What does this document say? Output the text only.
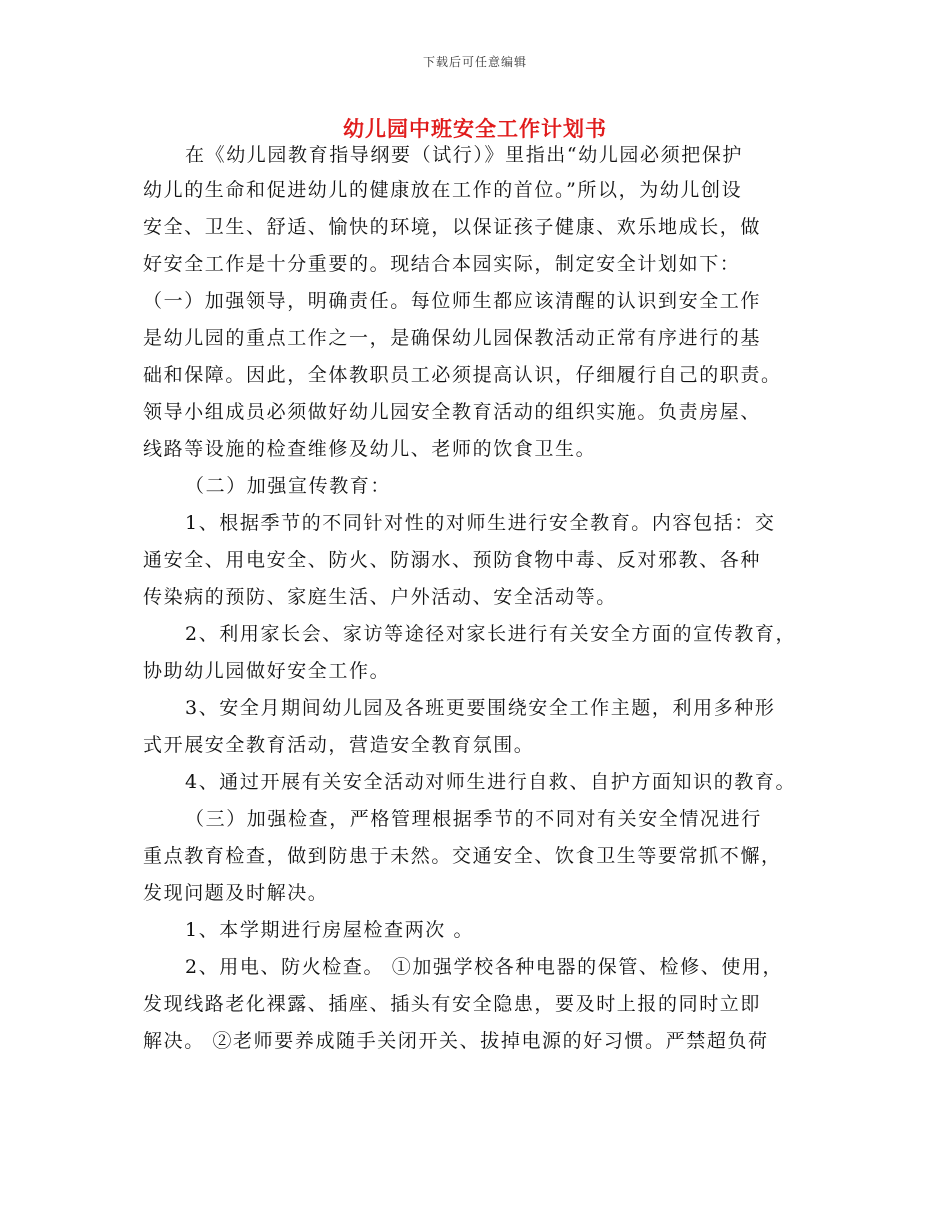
下载后可任意编辑
幼儿园中班安全工作计划书

在《幼儿园教育指导纲要（试行）》里指出“幼儿园必须把保护

幼儿的生命和促进幼儿的健康放在工作的首位。”所以，为幼儿创设

安全、卫生、舒适、愉快的环境，以保证孩子健康、欢乐地成长，做

好安全工作是十分重要的。现结合本园实际，制定安全计划如下：

（一）加强领导，明确责任。每位师生都应该清醒的认识到安全工作

是幼儿园的重点工作之一，是确保幼儿园保教活动正常有序进行的基

础和保障。因此，全体教职员工必须提高认识，仔细履行自己的职责。

领导小组成员必须做好幼儿园安全教育活动的组织实施。负责房屋、

线路等设施的检查维修及幼儿、老师的饮食卫生。

（二）加强宣传教育：

1、根据季节的不同针对性的对师生进行安全教育。内容包括：交

通安全、用电安全、防火、防溺水、预防食物中毒、反对邪教、各种

传染病的预防、家庭生活、户外活动、安全活动等。

2、利用家长会、家访等途径对家长进行有关安全方面的宣传教育，

协助幼儿园做好安全工作。

3、安全月期间幼儿园及各班更要围绕安全工作主题，利用多种形

式开展安全教育活动，营造安全教育氛围。

4、通过开展有关安全活动对师生进行自救、自护方面知识的教育。

（三）加强检查，严格管理根据季节的不同对有关安全情况进行

重点教育检查，做到防患于未然。交通安全、饮食卫生等要常抓不懈，

发现问题及时解决。

1、本学期进行房屋检查两次 。

2、用电、防火检查。 ①加强学校各种电器的保管、检修、使用，

发现线路老化裸露、插座、插头有安全隐患，要及时上报的同时立即

解决。 ②老师要养成随手关闭开关、拔掉电源的好习惯。严禁超负荷
